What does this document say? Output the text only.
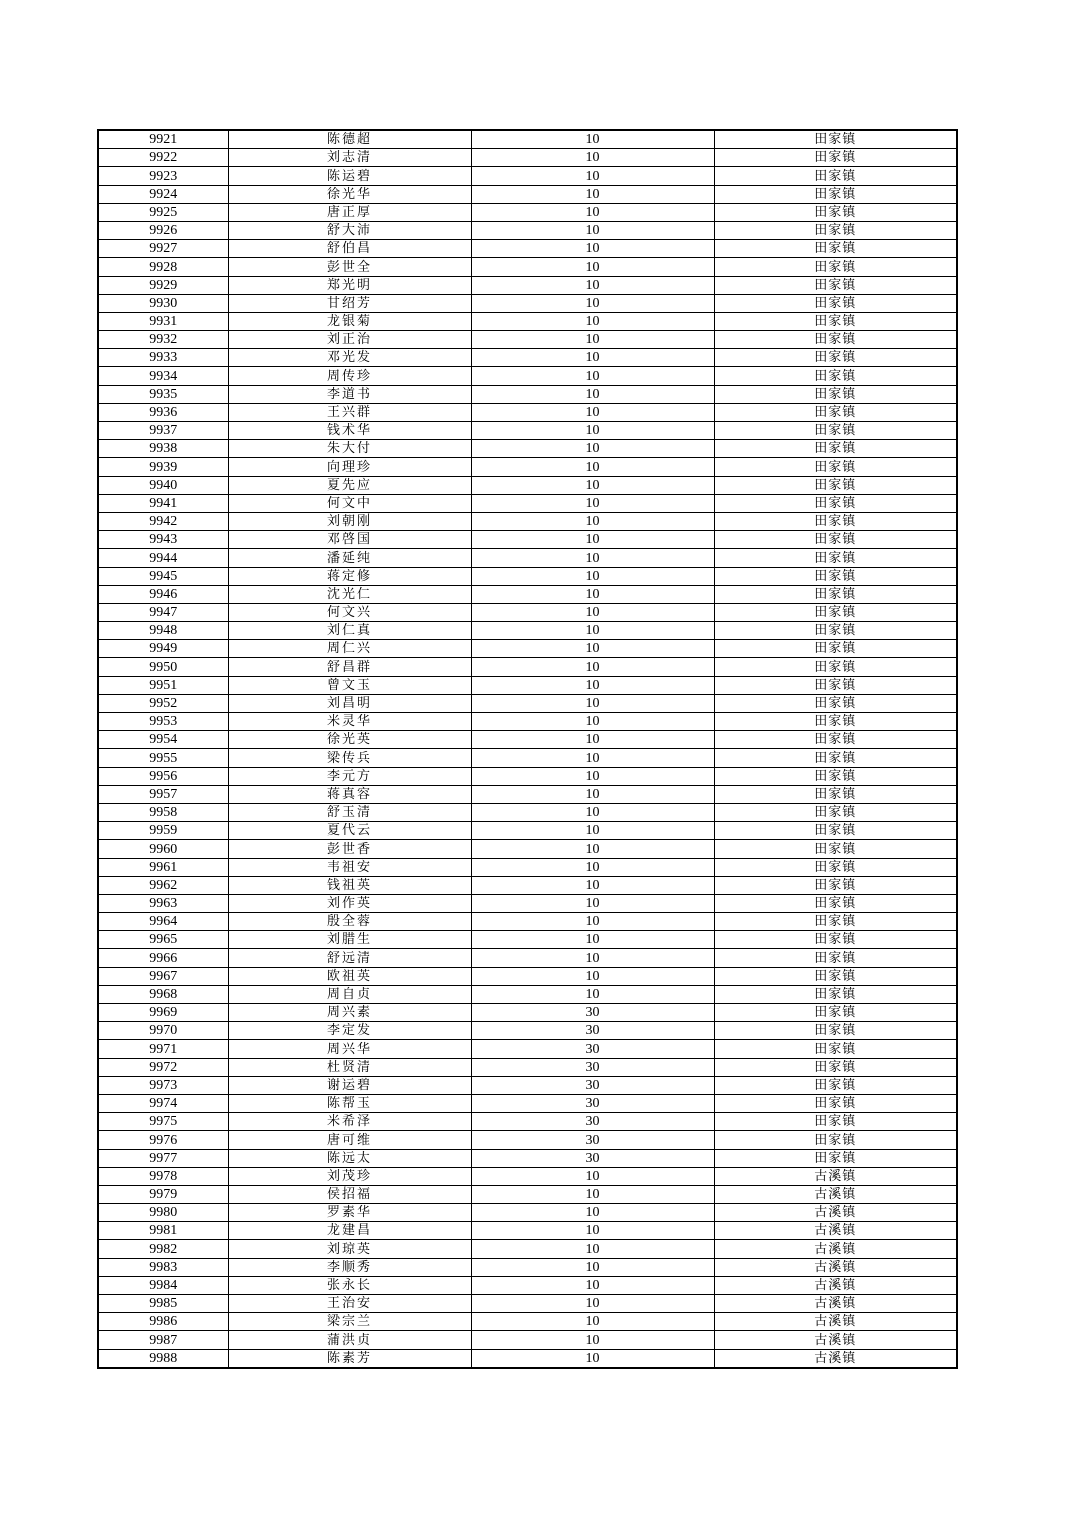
9921	陈德超	10	田家镇
9922	刘志清	10	田家镇
9923	陈运碧	10	田家镇
9924	徐光华	10	田家镇
9925	唐正厚	10	田家镇
9926	舒大沛	10	田家镇
9927	舒伯昌	10	田家镇
9928	彭世全	10	田家镇
9929	郑光明	10	田家镇
9930	甘绍芳	10	田家镇
9931	龙银菊	10	田家镇
9932	刘正治	10	田家镇
9933	邓光发	10	田家镇
9934	周传珍	10	田家镇
9935	李道书	10	田家镇
9936	王兴群	10	田家镇
9937	钱术华	10	田家镇
9938	朱大付	10	田家镇
9939	向理珍	10	田家镇
9940	夏先应	10	田家镇
9941	何文中	10	田家镇
9942	刘朝刚	10	田家镇
9943	邓啓国	10	田家镇
9944	潘延纯	10	田家镇
9945	蒋定修	10	田家镇
9946	沈光仁	10	田家镇
9947	何文兴	10	田家镇
9948	刘仁真	10	田家镇
9949	周仁兴	10	田家镇
9950	舒昌群	10	田家镇
9951	曾文玉	10	田家镇
9952	刘昌明	10	田家镇
9953	米灵华	10	田家镇
9954	徐光英	10	田家镇
9955	梁传兵	10	田家镇
9956	李元方	10	田家镇
9957	蒋真容	10	田家镇
9958	舒玉清	10	田家镇
9959	夏代云	10	田家镇
9960	彭世香	10	田家镇
9961	韦祖安	10	田家镇
9962	钱祖英	10	田家镇
9963	刘作英	10	田家镇
9964	殷全蓉	10	田家镇
9965	刘腊生	10	田家镇
9966	舒远清	10	田家镇
9967	欧祖英	10	田家镇
9968	周自贞	10	田家镇
9969	周兴素	30	田家镇
9970	李定发	30	田家镇
9971	周兴华	30	田家镇
9972	杜贤清	30	田家镇
9973	谢运碧	30	田家镇
9974	陈帮玉	30	田家镇
9975	米希泽	30	田家镇
9976	唐可维	30	田家镇
9977	陈远太	30	田家镇
9978	刘茂珍	10	古溪镇
9979	侯招福	10	古溪镇
9980	罗素华	10	古溪镇
9981	龙建昌	10	古溪镇
9982	刘琼英	10	古溪镇
9983	李顺秀	10	古溪镇
9984	张永长	10	古溪镇
9985	王治安	10	古溪镇
9986	梁宗兰	10	古溪镇
9987	蒲洪贞	10	古溪镇
9988	陈素芳	10	古溪镇
